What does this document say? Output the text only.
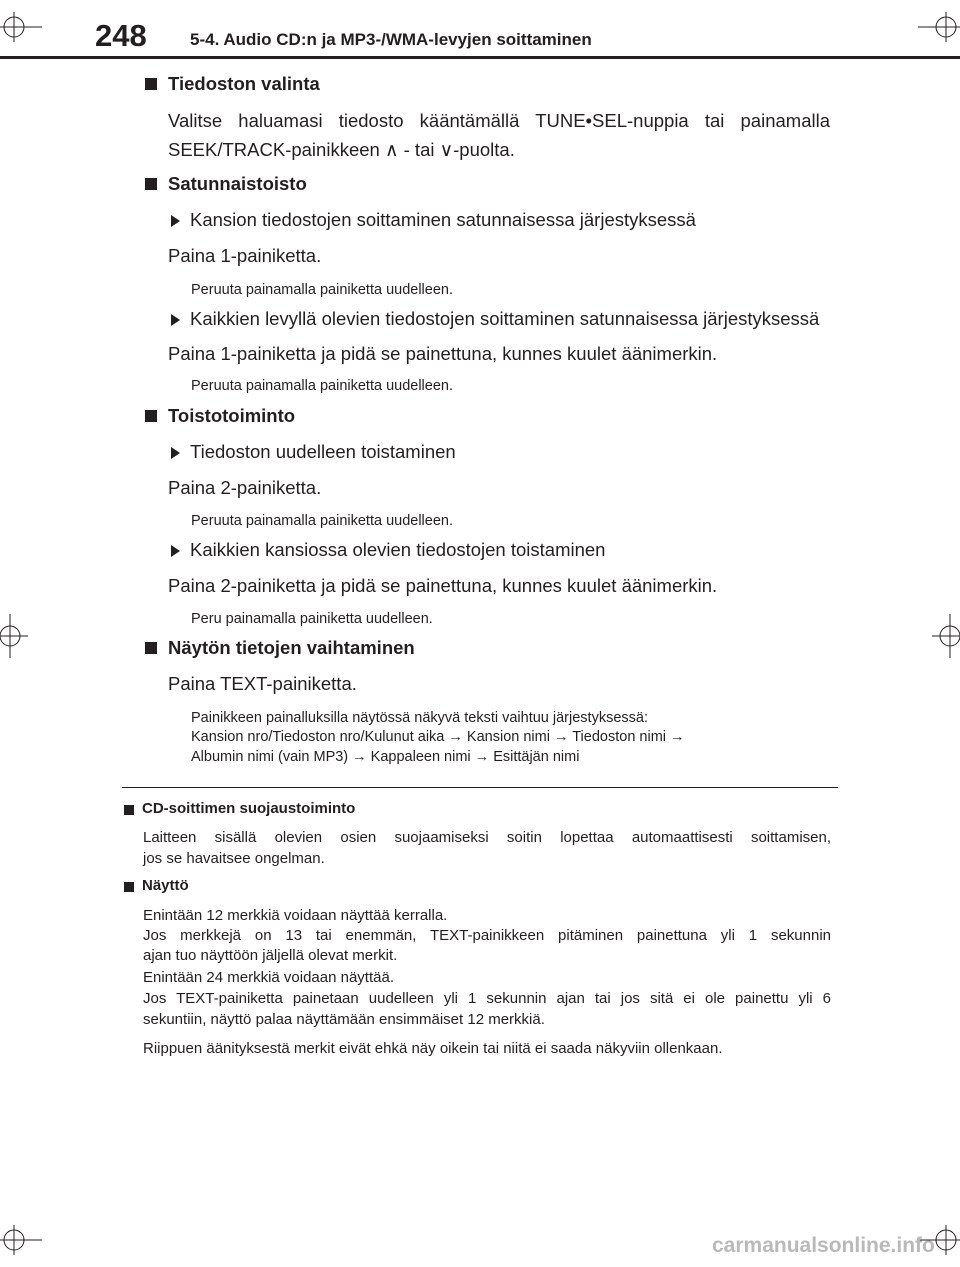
248	5-4. Audio CD:n ja MP3-/WMA-levyjen soittaminen
Tiedoston valinta
Valitse haluamasi tiedosto kääntämällä TUNE•SEL-nuppia tai painamalla
SEEK/TRACK-painikkeen ∧ - tai ∨-puolta.
Satunnaistoisto
Kansion tiedostojen soittaminen satunnaisessa järjestyksessä
Paina 1-painiketta.
Peruuta painamalla painiketta uudelleen.
Kaikkien levyllä olevien tiedostojen soittaminen satunnaisessa järjestyksessä
Paina 1-painiketta ja pidä se painettuna, kunnes kuulet äänimerkin.
Peruuta painamalla painiketta uudelleen.
Toistotoiminto
Tiedoston uudelleen toistaminen
Paina 2-painiketta.
Peruuta painamalla painiketta uudelleen.
Kaikkien kansiossa olevien tiedostojen toistaminen
Paina 2-painiketta ja pidä se painettuna, kunnes kuulet äänimerkin.
Peru painamalla painiketta uudelleen.
Näytön tietojen vaihtaminen
Paina TEXT-painiketta.
Painikkeen painalluksilla näytössä näkyvä teksti vaihtuu järjestyksessä:
Kansion nro/Tiedoston nro/Kulunut aika → Kansion nimi → Tiedoston nimi →
Albumin nimi (vain MP3) → Kappaleen nimi → Esittäjän nimi
CD-soittimen suojaustoiminto
Laitteen sisällä olevien osien suojaamiseksi soitin lopettaa automaattisesti soittamisen,
jos se havaitsee ongelman.
Näyttö
Enintään 12 merkkiä voidaan näyttää kerralla.
Jos merkkejä on 13 tai enemmän, TEXT-painikkeen pitäminen painettuna yli 1 sekunnin
ajan tuo näyttöön jäljellä olevat merkit.
Enintään 24 merkkiä voidaan näyttää.
Jos TEXT-painiketta painetaan uudelleen yli 1 sekunnin ajan tai jos sitä ei ole painettu yli 6
sekuntiin, näyttö palaa näyttämään ensimmäiset 12 merkkiä.
Riippuen äänityksestä merkit eivät ehkä näy oikein tai niitä ei saada näkyviin ollenkaan.
carmanualsonline.info
